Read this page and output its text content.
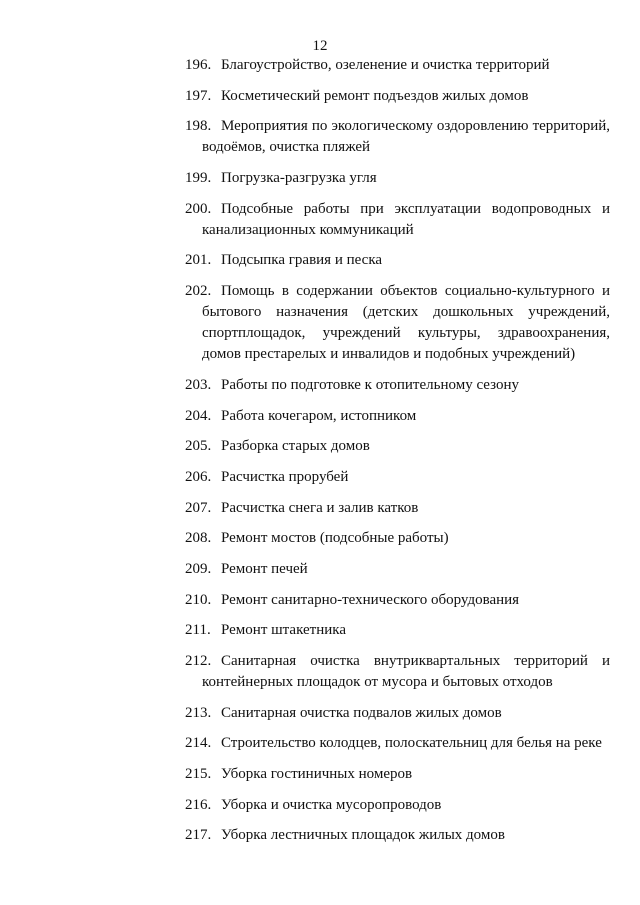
12
196. Благоустройство, озеленение и очистка территорий
197. Косметический ремонт подъездов жилых домов
198. Мероприятия по экологическому оздоровлению территорий, водоёмов, очистка пляжей
199. Погрузка-разгрузка угля
200. Подсобные работы при эксплуатации водопроводных и канализационных коммуникаций
201. Подсыпка гравия и песка
202. Помощь в содержании объектов социально-культурного и бытового назначения (детских дошкольных учреждений, спортплощадок, учреждений культуры, здравоохранения, домов престарелых и инвалидов и подобных учреждений)
203. Работы по подготовке к отопительному сезону
204. Работа кочегаром, истопником
205. Разборка старых домов
206. Расчистка прорубей
207. Расчистка снега и залив катков
208. Ремонт мостов (подсобные работы)
209. Ремонт печей
210. Ремонт санитарно-технического оборудования
211. Ремонт штакетника
212. Санитарная очистка внутриквартальных территорий и контейнерных площадок от мусора и бытовых отходов
213. Санитарная очистка подвалов жилых домов
214. Строительство колодцев, полоскательниц для белья на реке
215. Уборка гостиничных номеров
216. Уборка и очистка мусоропроводов
217. Уборка лестничных площадок жилых домов
